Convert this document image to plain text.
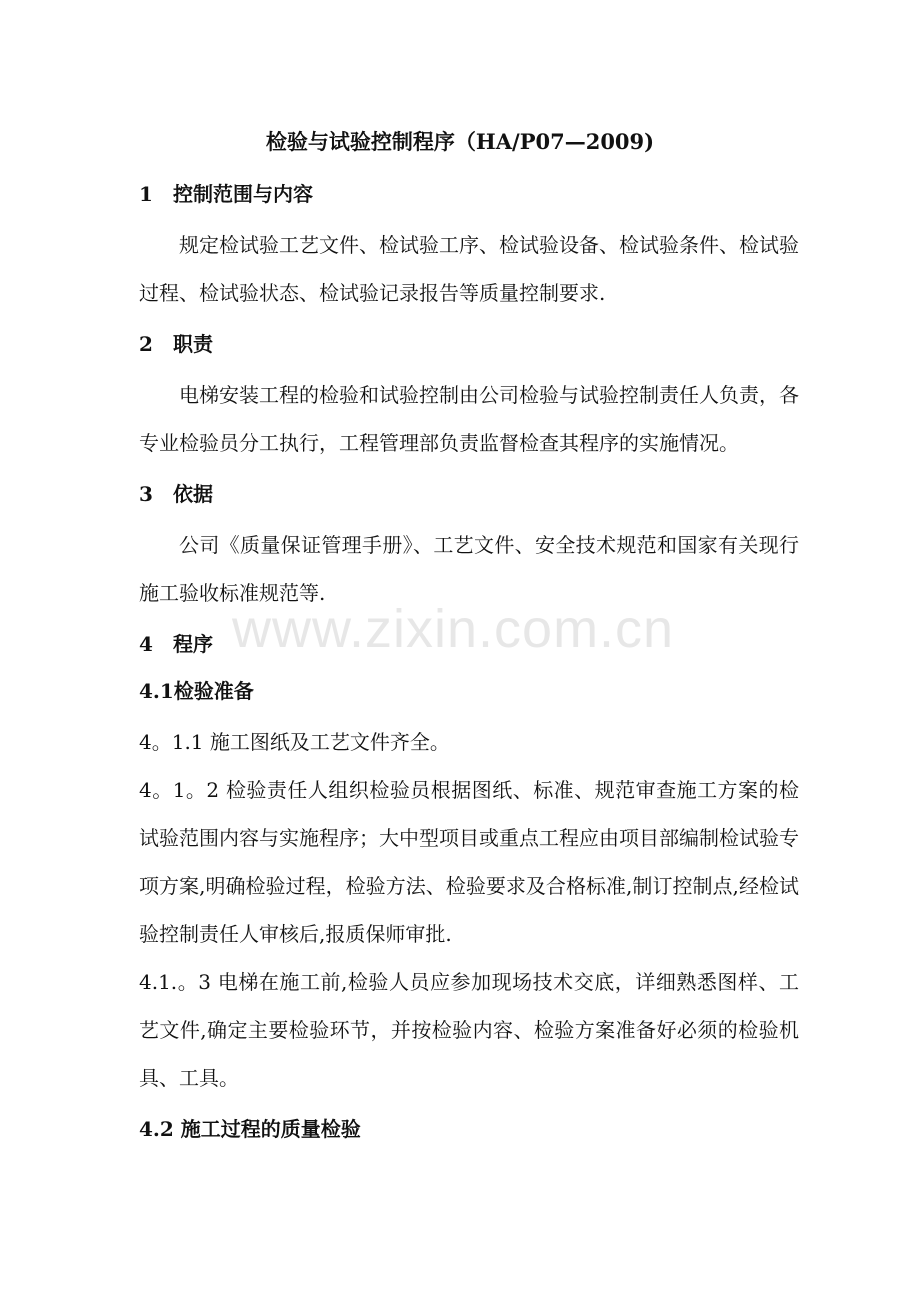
检验与试验控制程序（HA/P07—2009)
1 控制范围与内容
规定检试验工艺文件、检试验工序、检试验设备、检试验条件、检试验过程、检试验状态、检试验记录报告等质量控制要求.
2 职责
电梯安装工程的检验和试验控制由公司检验与试验控制责任人负责，各专业检验员分工执行，工程管理部负责监督检查其程序的实施情况。
3 依据
公司《质量保证管理手册》、工艺文件、安全技术规范和国家有关现行施工验收标准规范等.
4 程序
4.1检验准备
4。1.1 施工图纸及工艺文件齐全。
4。1。2 检验责任人组织检验员根据图纸、标准、规范审查施工方案的检试验范围内容与实施程序；大中型项目或重点工程应由项目部编制检试验专项方案,明确检验过程，检验方法、检验要求及合格标准,制订控制点,经检试验控制责任人审核后,报质保师审批.
4.1.。3 电梯在施工前,检验人员应参加现场技术交底，详细熟悉图样、工艺文件,确定主要检验环节，并按检验内容、检验方案准备好必须的检验机具、工具。
4.2 施工过程的质量检验
www.zixin.com.cn
